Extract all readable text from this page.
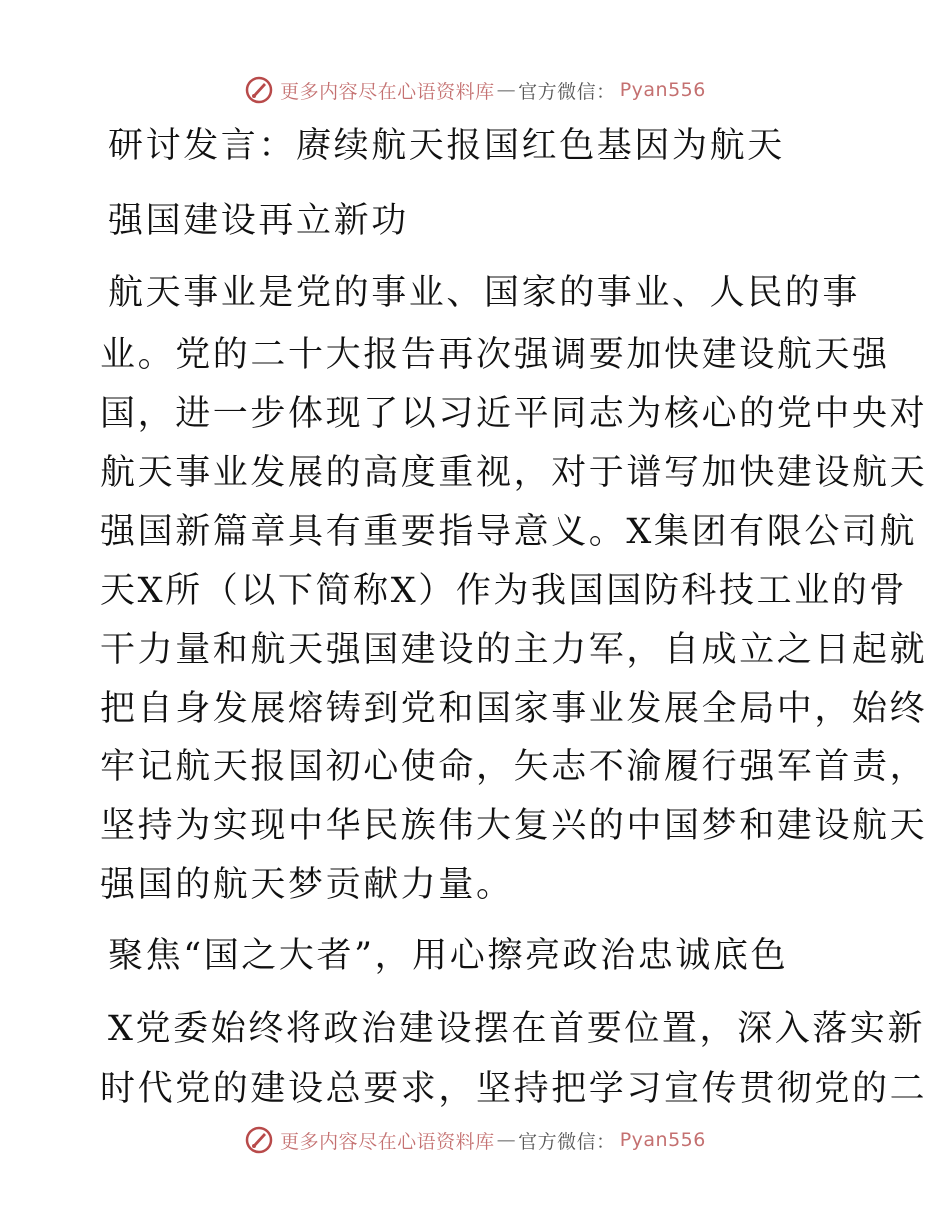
更多内容尽在心语资料库 — 官方微信： Pyan556
研讨发言：赓续航天报国红色基因为航天
强国建设再立新功
航天事业是党的事业、国家的事业、人民的事
业。党的二十大报告再次强调要加快建设航天强
国，进一步体现了以习近平同志为核心的党中央对
航天事业发展的高度重视，对于谱写加快建设航天
强国新篇章具有重要指导意义。X集团有限公司航
天X所（以下简称X）作为我国国防科技工业的骨
干力量和航天强国建设的主力军，自成立之日起就
把自身发展熔铸到党和国家事业发展全局中，始终
牢记航天报国初心使命，矢志不渝履行强军首责，
坚持为实现中华民族伟大复兴的中国梦和建设航天
强国的航天梦贡献力量。
聚焦“国之大者”，用心擦亮政治忠诚底色
X党委始终将政治建设摆在首要位置，深入落实新
时代党的建设总要求，坚持把学习宣传贯彻党的二
更多内容尽在心语资料库 — 官方微信： Pyan556
